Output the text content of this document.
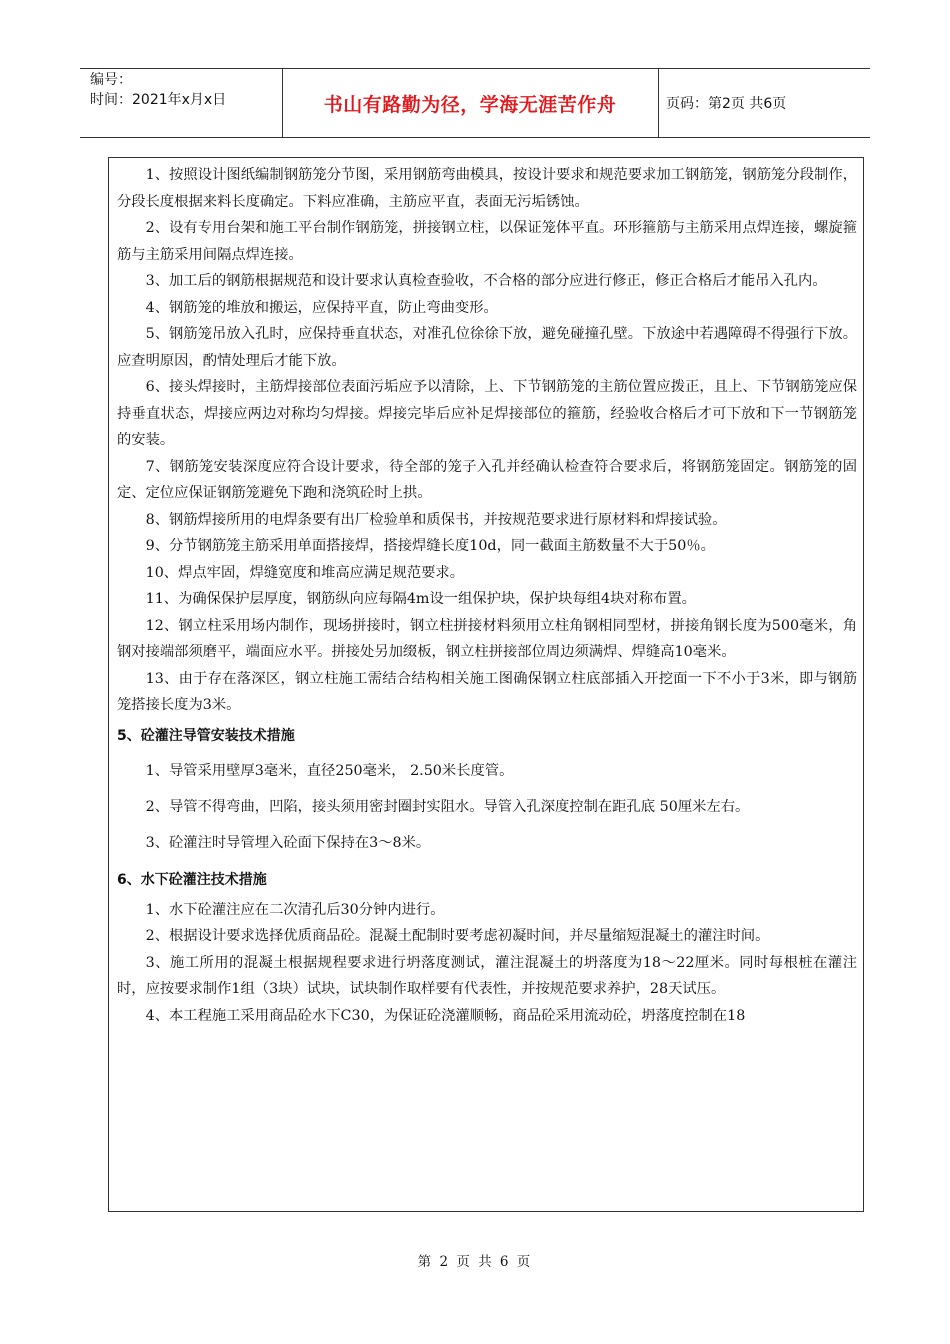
编号：
时间：2021年x月x日	书山有路勤为径，学海无涯苦作舟	页码：第2页 共6页

1、按照设计图纸编制钢筋笼分节图，采用钢筋弯曲模具，按设计要求和规范要求加工钢筋笼，钢筋笼分段制作，分段长度根据来料长度确定。下料应准确，主筋应平直，表面无污垢锈蚀。

2、设有专用台架和施工平台制作钢筋笼，拼接钢立柱，以保证笼体平直。环形箍筋与主筋采用点焊连接，螺旋箍筋与主筋采用间隔点焊连接。

3、加工后的钢筋根据规范和设计要求认真检查验收，不合格的部分应进行修正，修正合格后才能吊入孔内。

4、钢筋笼的堆放和搬运，应保持平直，防止弯曲变形。

5、钢筋笼吊放入孔时，应保持垂直状态，对准孔位徐徐下放，避免碰撞孔壁。下放途中若遇障碍不得强行下放。应查明原因，酌情处理后才能下放。

6、接头焊接时，主筋焊接部位表面污垢应予以清除，上、下节钢筋笼的主筋位置应拨正，且上、下节钢筋笼应保持垂直状态，焊接应两边对称均匀焊接。焊接完毕后应补足焊接部位的箍筋，经验收合格后才可下放和下一节钢筋笼的安装。

7、钢筋笼安装深度应符合设计要求，待全部的笼子入孔并经确认检查符合要求后，将钢筋笼固定。钢筋笼的固定、定位应保证钢筋笼避免下跑和浇筑砼时上拱。

8、钢筋焊接所用的电焊条要有出厂检验单和质保书，并按规范要求进行原材料和焊接试验。

9、分节钢筋笼主筋采用单面搭接焊，搭接焊缝长度10d，同一截面主筋数量不大于50％。

10、焊点牢固，焊缝宽度和堆高应满足规范要求。

11、为确保保护层厚度，钢筋纵向应每隔4m设一组保护块，保护块每组4块对称布置。

12、钢立柱采用场内制作，现场拼接时，钢立柱拼接材料须用立柱角钢相同型材，拼接角钢长度为500毫米，角钢对接端部须磨平，端面应水平。拼接处另加缀板，钢立柱拼接部位周边须满焊、焊缝高10毫米。

13、由于存在落深区，钢立柱施工需结合结构相关施工图确保钢立柱底部插入开挖面一下不小于3米，即与钢筋笼搭接长度为3米。

5、砼灌注导管安装技术措施

1、导管采用壁厚3毫米，直径250毫米， 2.50米长度管。

2、导管不得弯曲，凹陷，接头须用密封圈封实阻水。导管入孔深度控制在距孔底 50厘米左右。

3、砼灌注时导管埋入砼面下保持在3～8米。

6、水下砼灌注技术措施

1、水下砼灌注应在二次清孔后30分钟内进行。

2、根据设计要求选择优质商品砼。混凝土配制时要考虑初凝时间，并尽量缩短混凝土的灌注时间。

3、施工所用的混凝土根据规程要求进行坍落度测试，灌注混凝土的坍落度为18～22厘米。同时每根桩在灌注时，应按要求制作1组（3块）试块，试块制作取样要有代表性，并按规范要求养护，28天试压。

4、本工程施工采用商品砼水下C30，为保证砼浇灌顺畅，商品砼采用流动砼，坍落度控制在18

第 2 页 共 6 页
